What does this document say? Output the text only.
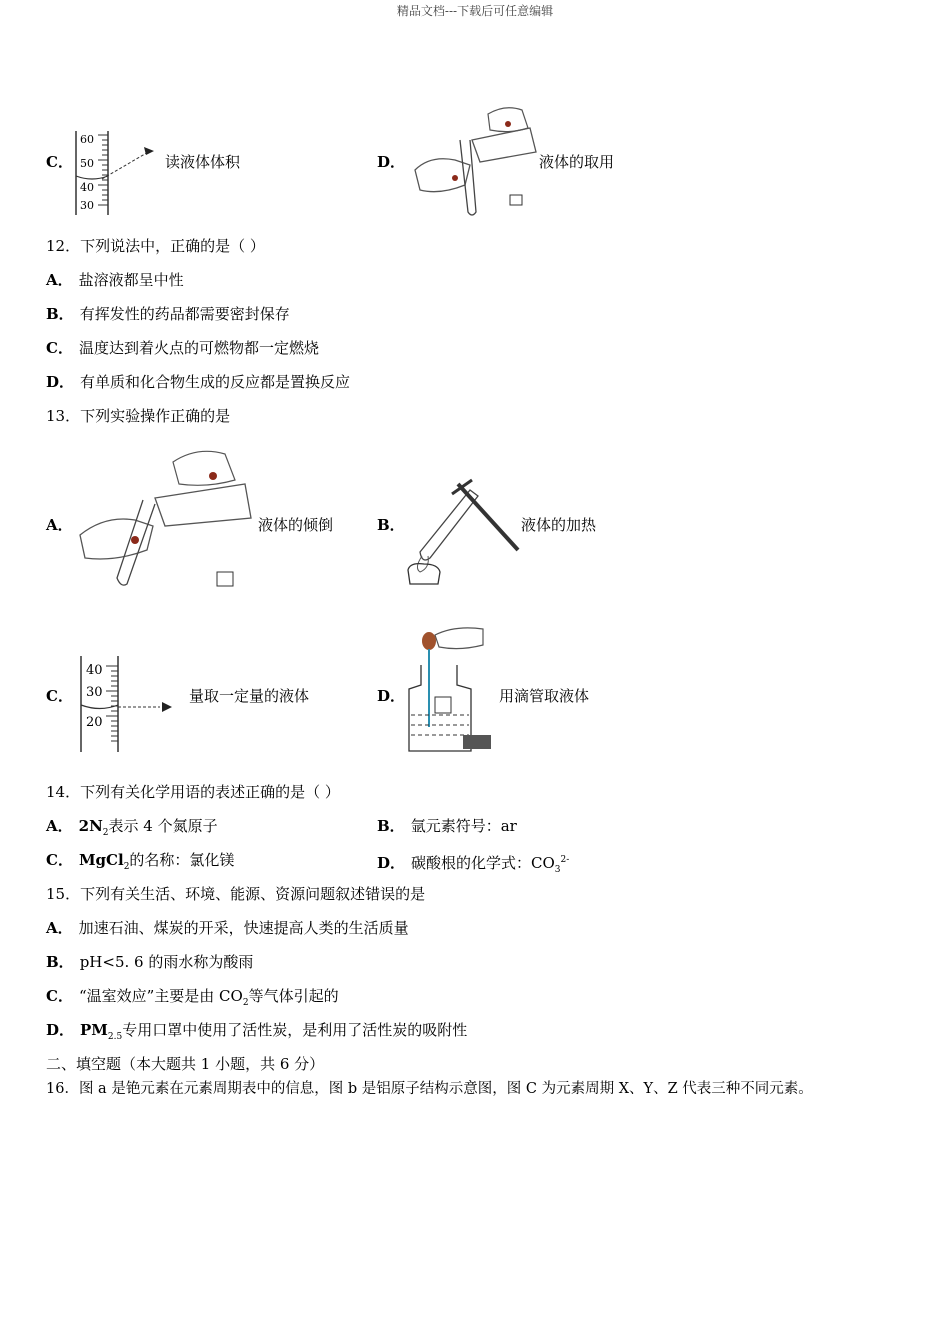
精品文档---下载后可任意编辑
C．
60
50
40
30
读液体体积	D．	液体的取用
12．下列说法中，正确的是（ ）
A． 盐溶液都呈中性
B． 有挥发性的药品都需要密封保存
C． 温度达到着火点的可燃物都一定燃烧
D． 有单质和化合物生成的反应都是置换反应
13．下列实验操作正确的是
A．	液体的倾倒	B．	液体的加热
C．
40
30
20
量取一定量的液体	D．	用滴管取液体
14．下列有关化学用语的表述正确的是（ ）
A． $2N_2$表示 4 个氮原子	B． 氩元素符号：ar
C． MgCl$_2$的名称：氯化镁	D． 碳酸根的化学式：$CO_3^{2-}$
15．下列有关生活、环境、能源、资源问题叙述错误的是
A． 加速石油、煤炭的开采，快速提高人类的生活质量
B． pH<5. 6 的雨水称为酸雨
C． “温室效应”主要是由 $CO_2$等气体引起的
D． $PM_{2.5}$专用口罩中使用了活性炭，是利用了活性炭的吸附性
二、填空题（本大题共 1 小题，共 6 分）
16．图 a 是铯元素在元素周期表中的信息，图 b 是铝原子结构示意图，图 C 为元素周期 X、Y、Z 代表三种不同元素。
